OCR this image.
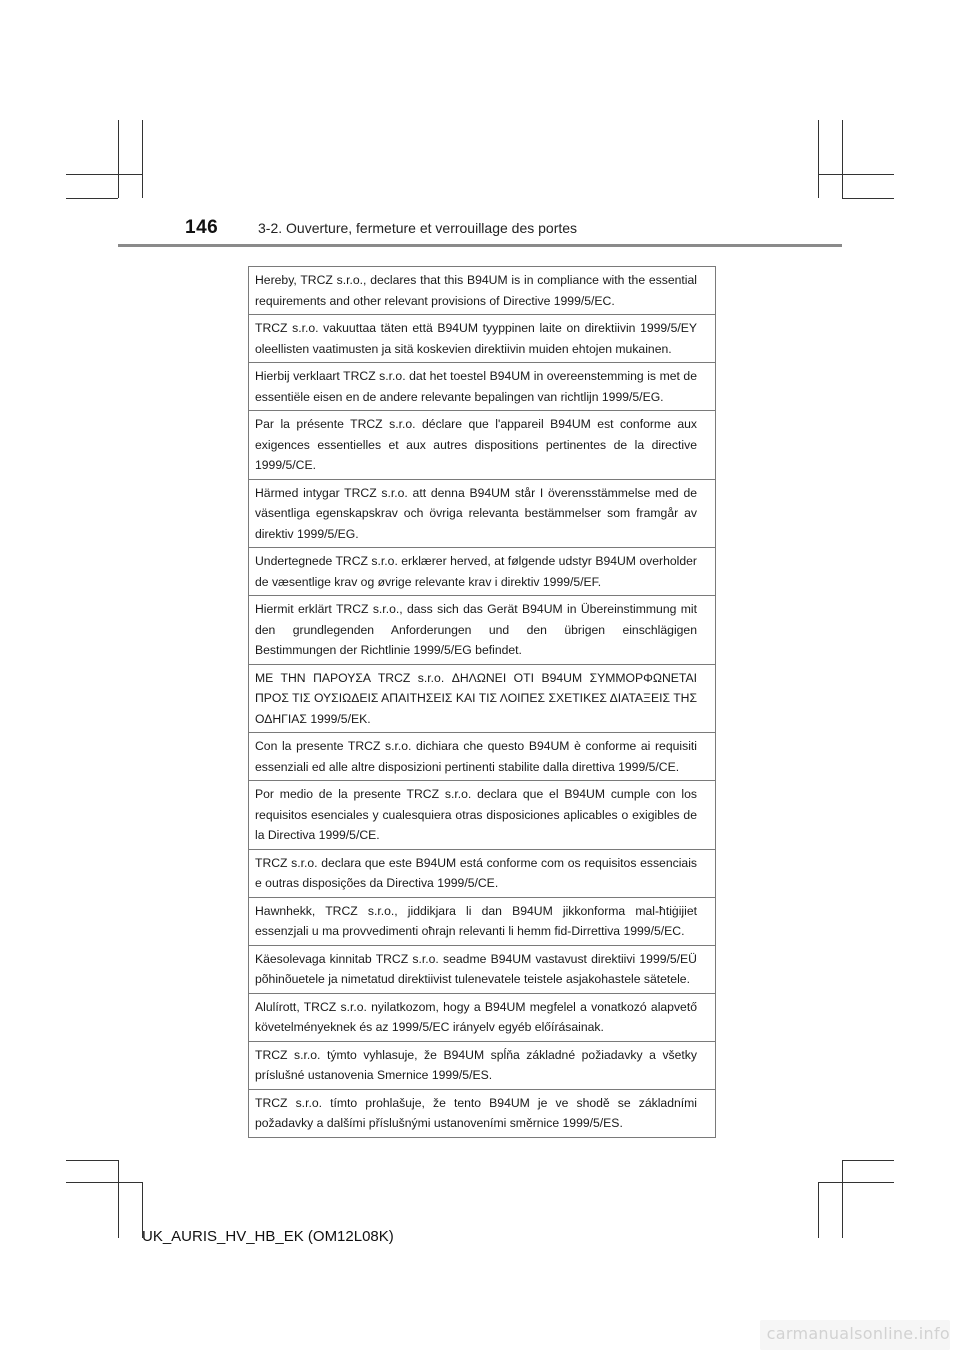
146	3-2. Ouverture, fermeture et verrouillage des portes
Hereby, TRCZ s.r.o., declares that this B94UM is in compliance with the essential requirements and other relevant provisions of Directive 1999/5/EC.
TRCZ s.r.o. vakuuttaa täten että B94UM tyyppinen laite on direktiivin 1999/5/EY oleellisten vaatimusten ja sitä koskevien direktiivin muiden ehtojen mukainen.
Hierbij verklaart TRCZ s.r.o. dat het toestel B94UM in overeenstemming is met de essentiële eisen en de andere relevante bepalingen van richtlijn 1999/5/EG.
Par la présente TRCZ s.r.o. déclare que l'appareil B94UM est conforme aux exigences essentielles et aux autres dispositions pertinentes de la directive 1999/5/CE.
Härmed intygar TRCZ s.r.o. att denna B94UM står I överensstämmelse med de väsentliga egenskapskrav och övriga relevanta bestämmelser som framgår av direktiv 1999/5/EG.
Undertegnede TRCZ s.r.o. erklærer herved, at følgende udstyr B94UM overholder de væsentlige krav og øvrige relevante krav i direktiv 1999/5/EF.
Hiermit erklärt TRCZ s.r.o., dass sich das Gerät B94UM in Übereinstimmung mit den grundlegenden Anforderungen und den übrigen einschlägigen Bestimmungen der Richtlinie 1999/5/EG befindet.
ΜΕ ΤΗΝ ΠΑΡΟΥΣΑ TRCZ s.r.o. ΔΗΛΩΝΕΙ ΟΤΙ B94UM ΣΥΜΜΟΡΦΩΝΕΤΑΙ ΠΡΟΣ ΤΙΣ ΟΥΣΙΩΔΕΙΣ ΑΠΑΙΤΗΣΕΙΣ ΚΑΙ ΤΙΣ ΛΟΙΠΕΣ ΣΧΕΤΙΚΕΣ ΔΙΑΤΑΞΕΙΣ ΤΗΣ ΟΔΗΓΙΑΣ 1999/5/ΕΚ.
Con la presente TRCZ s.r.o. dichiara che questo B94UM è conforme ai requisiti essenziali ed alle altre disposizioni pertinenti stabilite dalla direttiva 1999/5/CE.
Por medio de la presente TRCZ s.r.o. declara que el B94UM cumple con los requisitos esenciales y cualesquiera otras disposiciones aplicables o exigibles de la Directiva 1999/5/CE.
TRCZ s.r.o. declara que este B94UM está conforme com os requisitos essenciais e outras disposições da Directiva 1999/5/CE.
Hawnhekk, TRCZ s.r.o., jiddikjara li dan B94UM jikkonforma mal-ħtiġijiet essenzjali u ma provvedimenti oħrajn relevanti li hemm fid-Dirrettiva 1999/5/EC.
Käesolevaga kinnitab TRCZ s.r.o. seadme B94UM vastavust direktiivi 1999/5/EÜ põhinõuetele ja nimetatud direktiivist tulenevatele teistele asjakohastele sätetele.
Alulírott, TRCZ s.r.o. nyilatkozom, hogy a B94UM megfelel a vonatkozó alapvető követelményeknek és az 1999/5/EC irányelv egyéb előírásainak.
TRCZ s.r.o. týmto vyhlasuje, že B94UM spĺňa základné požiadavky a všetky príslušné ustanovenia Smernice 1999/5/ES.
TRCZ s.r.o. tímto prohlašuje, že tento B94UM je ve shodě se základními požadavky a dalšími příslušnými ustanoveními směrnice 1999/5/ES.
UK_AURIS_HV_HB_EK (OM12L08K)
carmanualsonline.info
